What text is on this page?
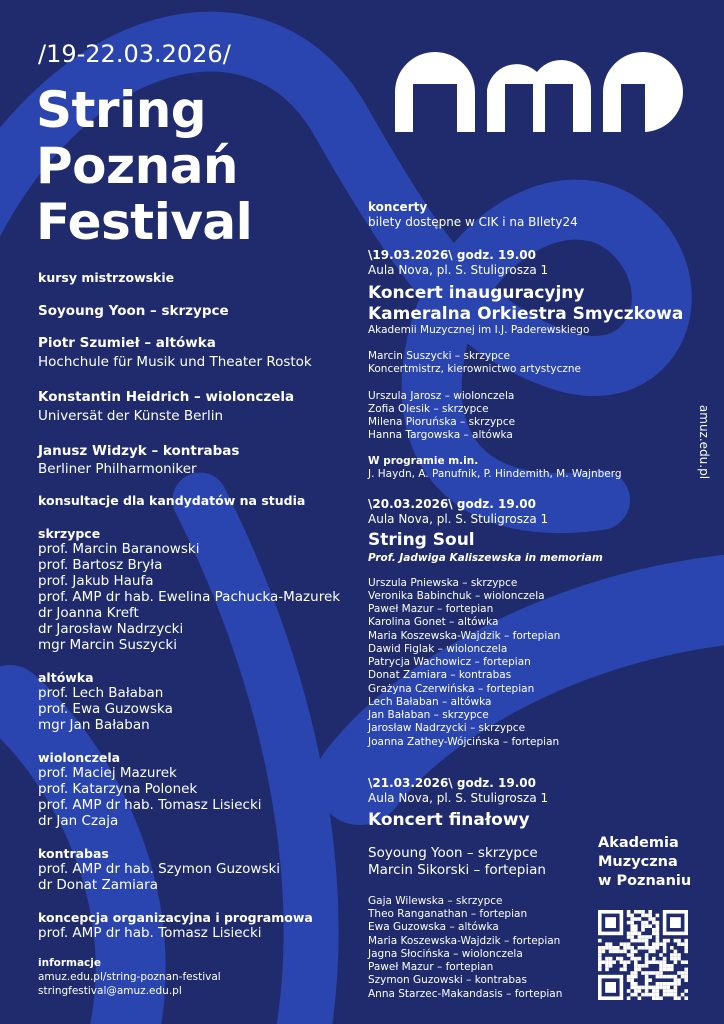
/19-22.03.2026/
String
Poznań
Festival
kursy mistrzowskie
Soyoung Yoon – skrzypce
Piotr Szumieł – altówka
Hochchule für Musik und Theater Rostok
Konstantin Heidrich – wiolonczela
Universät der Künste Berlin
Janusz Widzyk – kontrabas
Berliner Philharmoniker
konsultacje dla kandydatów na studia
skrzypce
prof. Marcin Baranowski
prof. Bartosz Bryła
prof. Jakub Haufa
prof. AMP dr hab. Ewelina Pachucka-Mazurek
dr Joanna Kreft
dr Jarosław Nadrzycki
mgr Marcin Suszycki
altówka
prof. Lech Bałaban
prof. Ewa Guzowska
mgr Jan Bałaban
wiolonczela
prof. Maciej Mazurek
prof. Katarzyna Polonek
prof. AMP dr hab. Tomasz Lisiecki
dr Jan Czaja
kontrabas
prof. AMP dr hab. Szymon Guzowski
dr Donat Zamiara
koncepcja organizacyjna i programowa
prof. AMP dr hab. Tomasz Lisiecki
informacje
amuz.edu.pl/string-poznan-festival
stringfestival@amuz.edu.pl
koncerty
bilety dostępne w CIK i na BIlety24
\19.03.2026\ godz. 19.00
Aula Nova, pl. S. Stuligrosza 1
Koncert inauguracyjny
Kameralna Orkiestra Smyczkowa
Akademii Muzycznej im I.J. Paderewskiego
Marcin Suszycki – skrzypce
Koncertmistrz, kierownictwo artystyczne
Urszula Jarosz – wiolonczela
Zofia Olesik – skrzypce
Milena Pioruńska – skrzypce
Hanna Targowska – altówka
W programie m.in.
J. Haydn, A. Panufnik, P. Hindemith, M. Wajnberg
\20.03.2026\ godz. 19.00
Aula Nova, pl. S. Stuligrosza 1
String Soul
Prof. Jadwiga Kaliszewska in memoriam
Urszula Pniewska – skrzypce
Veronika Babinchuk – wiolonczela
Paweł Mazur – fortepian
Karolina Gonet – altówka
Maria Koszewska-Wajdzik – fortepian
Dawid Figlak – wiolonczela
Patrycja Wachowicz – fortepian
Donat Zamiara – kontrabas
Grażyna Czerwińska – fortepian
Lech Bałaban – altówka
Jan Bałaban – skrzypce
Jarosław Nadrzycki – skrzypce
Joanna Zathey-Wójcińska – fortepian
\21.03.2026\ godz. 19.00
Aula Nova, pl. S. Stuligrosza 1
Koncert finałowy
Soyoung Yoon – skrzypce
Marcin Sikorski – fortepian
Gaja Wilewska – skrzypce
Theo Ranganathan – fortepian
Ewa Guzowska – altówka
Maria Koszewska-Wajdzik – fortepian
Jagna Słocińska – wiolonczela
Paweł Mazur – fortepian
Szymon Guzowski – kontrabas
Anna Starzec-Makandasis – fortepian
Akademia
Muzyczna
w Poznaniu
amuz.edu.pl
